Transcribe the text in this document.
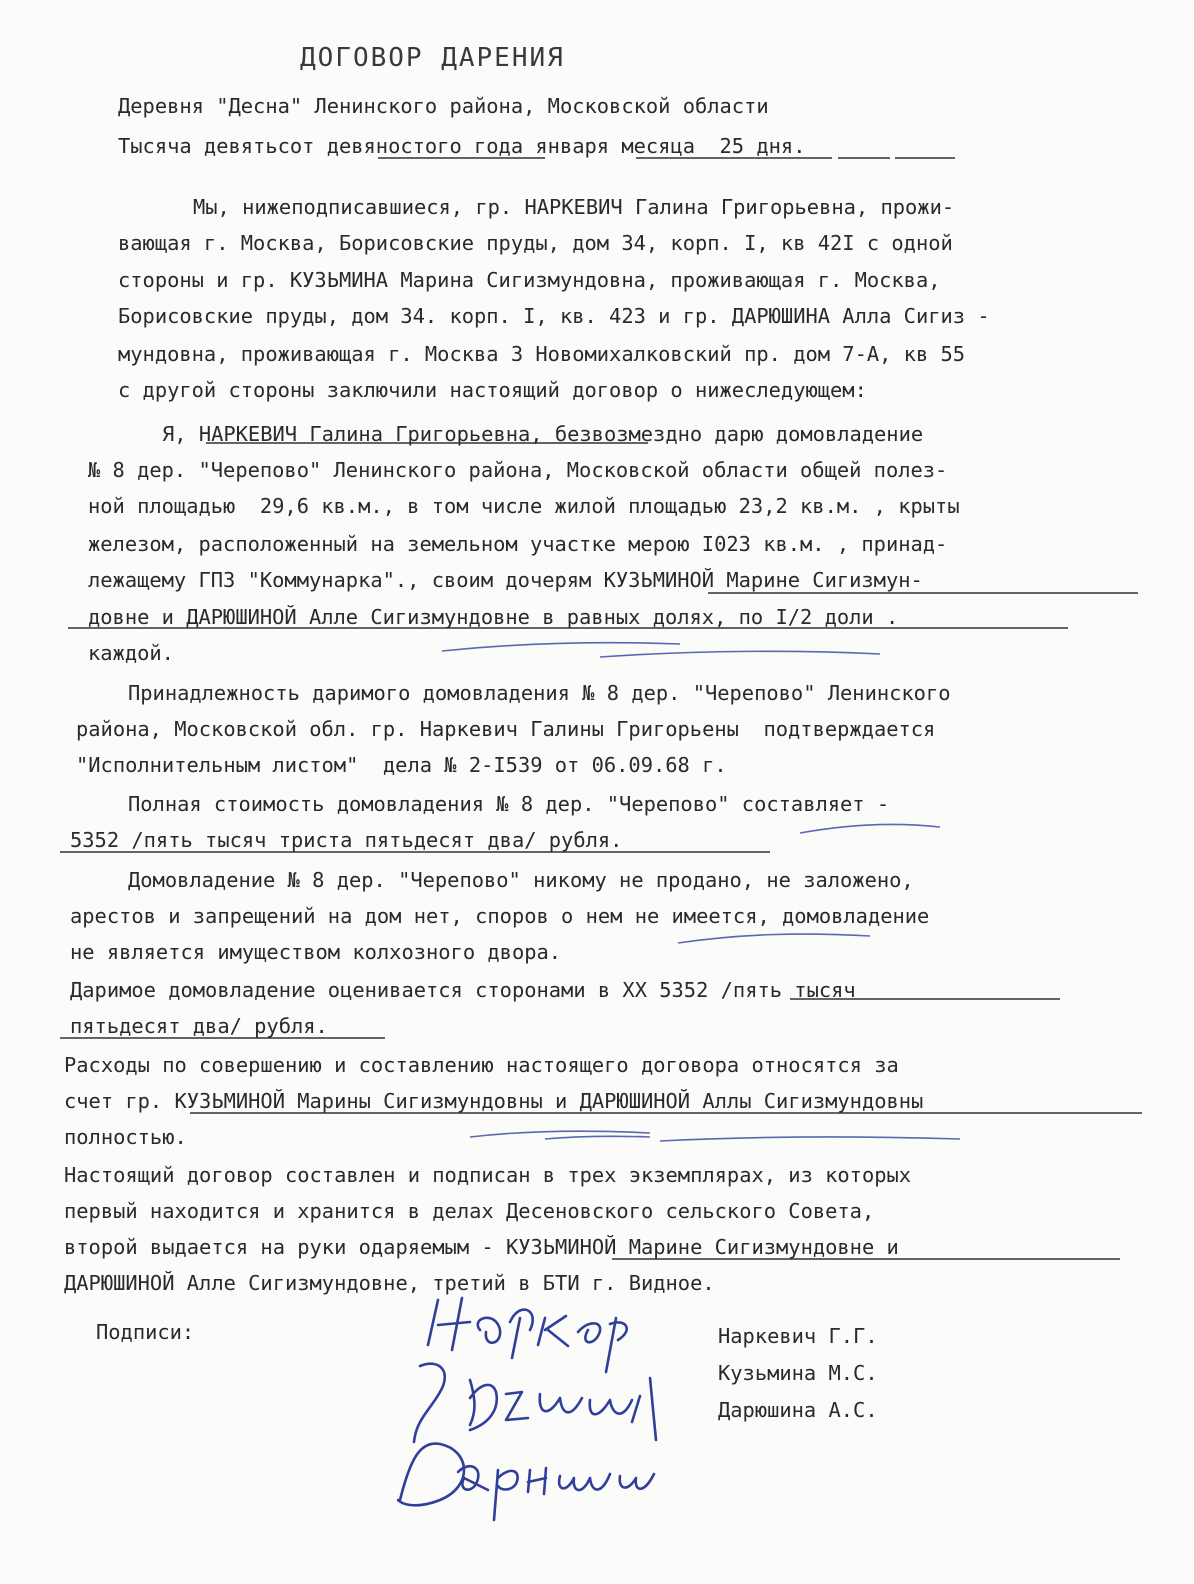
ДОГОВОР ДАРЕНИЯ
Деревня "Десна" Ленинского района, Московской области
Тысяча девятьсот девяностого года января месяца  25 дня.
Мы, нижеподписавшиеся, гр. НАРКЕВИЧ Галина Григорьевна, прожи-
вающая г. Москва, Борисовские пруды, дом 34, корп. I, кв 42I с одной
стороны и гр. КУЗЬМИНА Марина Сигизмундовна, проживающая г. Москва,
Борисовские пруды, дом 34. корп. I, кв. 423 и гр. ДАРЮШИНА Алла Сигиз -
мундовна, проживающая г. Москва 3 Новомихалковский пр. дом 7-А, кв 55
с другой стороны заключили настоящий договор о нижеследующем:
Я, НАРКЕВИЧ Галина Григорьевна, безвозмездно дарю домовладение
№ 8 дер. "Черепово" Ленинского района, Московской области общей полез-
ной площадью  29,6 кв.м., в том числе жилой площадью 23,2 кв.м. , крыты
железом, расположенный на земельном участке мерою I023 кв.м. , принад-
лежащему ГПЗ "Коммунарка"., своим дочерям КУЗЬМИНОЙ Марине Сигизмун-
довне и ДАРЮШИНОЙ Алле Сигизмундовне в равных долях, по I/2 доли .
каждой.
Принадлежность даримого домовладения № 8 дер. "Черепово" Ленинского
района, Московской обл. гр. Наркевич Галины Григорьены  подтверждается
"Исполнительным листом"  дела № 2-I539 от 06.09.68 г.
Полная стоимость домовладения № 8 дер. "Черепово" составляет -
5352 /пять тысяч триста пятьдесят два/ рубля.
Домовладение № 8 дер. "Черепово" никому не продано, не заложено,
арестов и запрещений на дом нет, споров о нем не имеется, домовладение
не является имуществом колхозного двора.
Даримое домовладение оценивается сторонами в ХХ 5352 /пять тысяч
пятьдесят два/ рубля.
Расходы по совершению и составлению настоящего договора относятся за
счет гр. КУЗЬМИНОЙ Марины Сигизмундовны и ДАРЮШИНОЙ Аллы Сигизмундовны
полностью.
Настоящий договор составлен и подписан в трех экземплярах, из которых
первый находится и хранится в делах Десеновского сельского Совета,
второй выдается на руки одаряемым - КУЗЬМИНОЙ Марине Сигизмундовне и
ДАРЮШИНОЙ Алле Сигизмундовне, третий в БТИ г. Видное.
Подписи:	Наркевич Г.Г.
Кузьмина М.С.
Дарюшина А.С.
